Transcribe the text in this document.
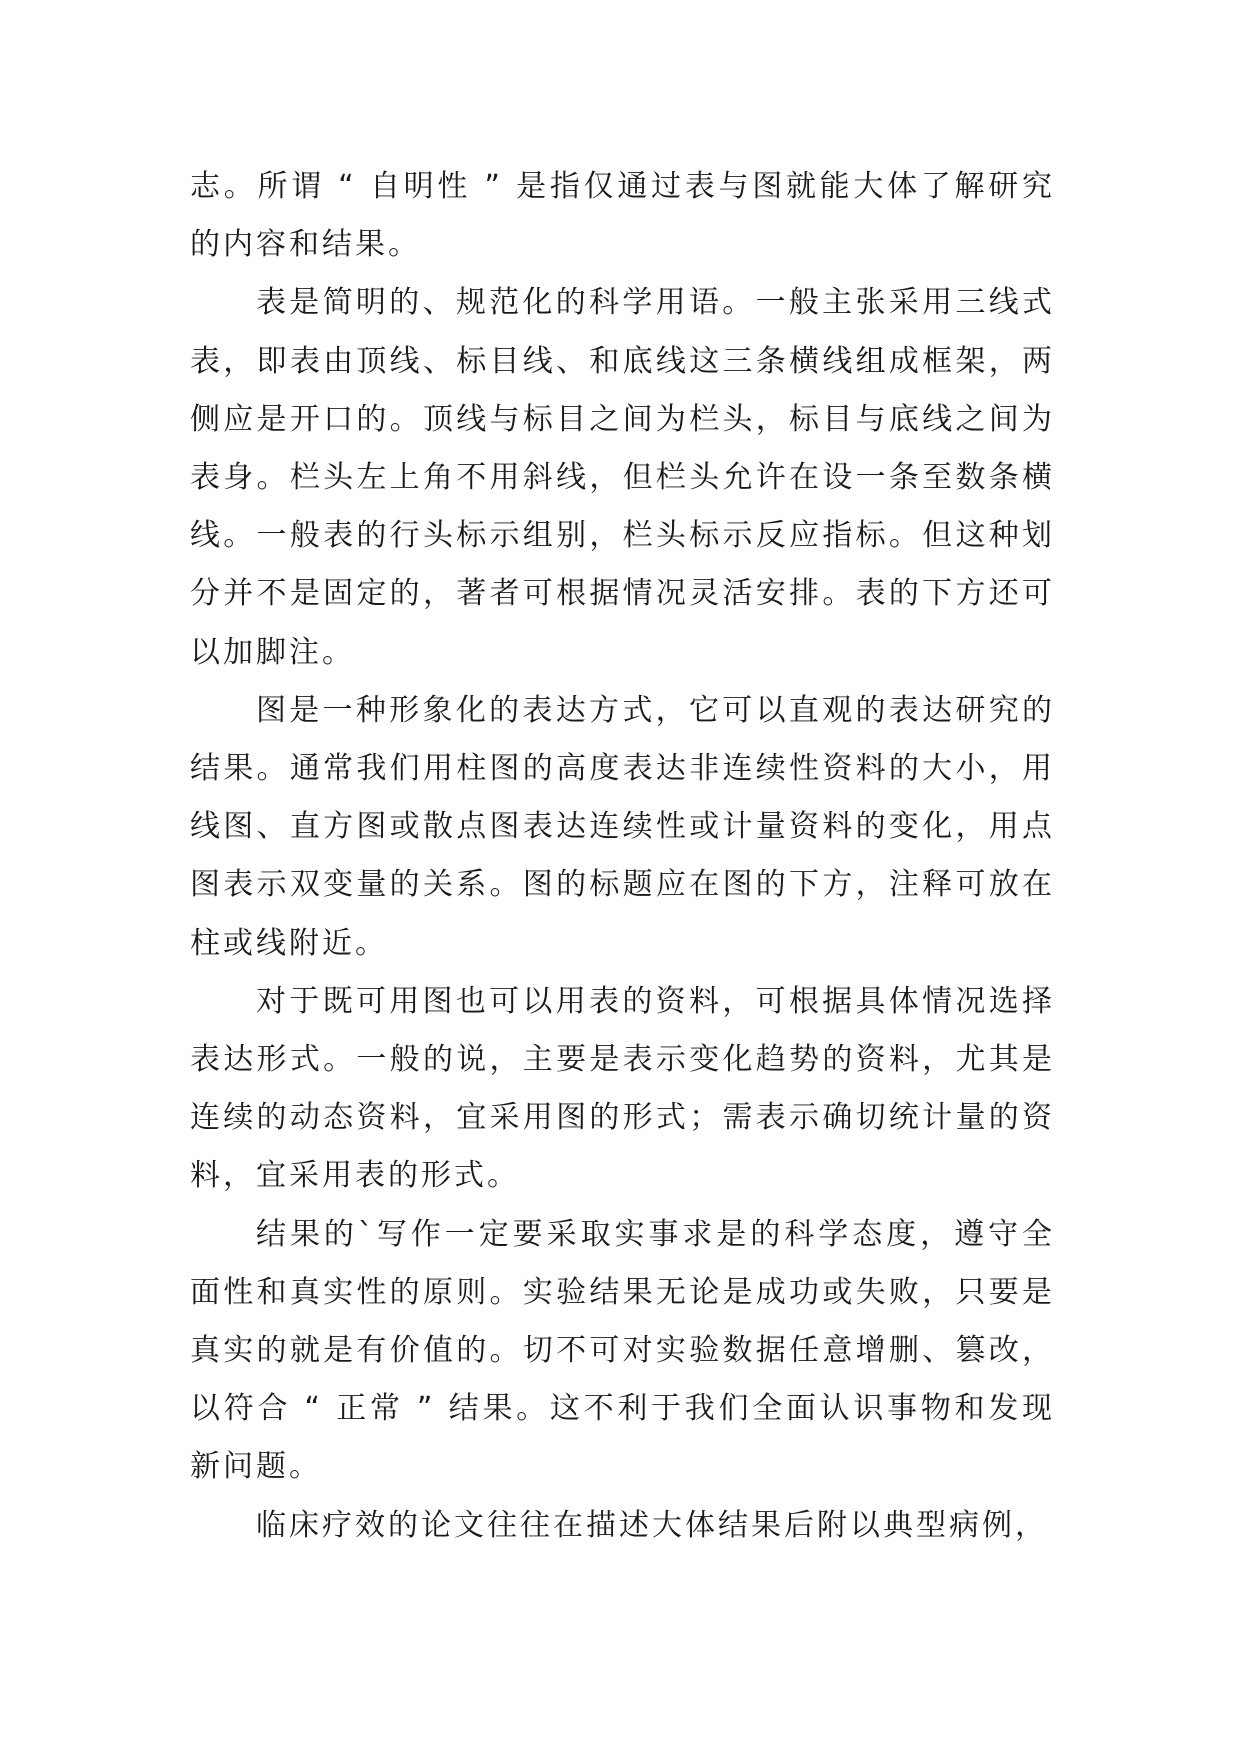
志。所谓 “ 自明性 ” 是指仅通过表与图就能大体了解研究的内容和结果。

表是简明的、规范化的科学用语。一般主张采用三线式表，即表由顶线、标目线、和底线这三条横线组成框架，两侧应是开口的。顶线与标目之间为栏头，标目与底线之间为表身。栏头左上角不用斜线，但栏头允许在设一条至数条横线。一般表的行头标示组别，栏头标示反应指标。但这种划分并不是固定的，著者可根据情况灵活安排。表的下方还可以加脚注。

图是一种形象化的表达方式，它可以直观的表达研究的结果。通常我们用柱图的高度表达非连续性资料的大小，用线图、直方图或散点图表达连续性或计量资料的变化，用点图表示双变量的关系。图的标题应在图的下方，注释可放在柱或线附近。

对于既可用图也可以用表的资料，可根据具体情况选择表达形式。一般的说，主要是表示变化趋势的资料，尤其是连续的动态资料，宜采用图的形式；需表示确切统计量的资料，宜采用表的形式。

结果的`写作一定要采取实事求是的科学态度，遵守全面性和真实性的原则。实验结果无论是成功或失败，只要是真实的就是有价值的。切不可对实验数据任意增删、篡改，以符合 “ 正常 ” 结果。这不利于我们全面认识事物和发现新问题。

临床疗效的论文往往在描述大体结果后附以典型病例，
